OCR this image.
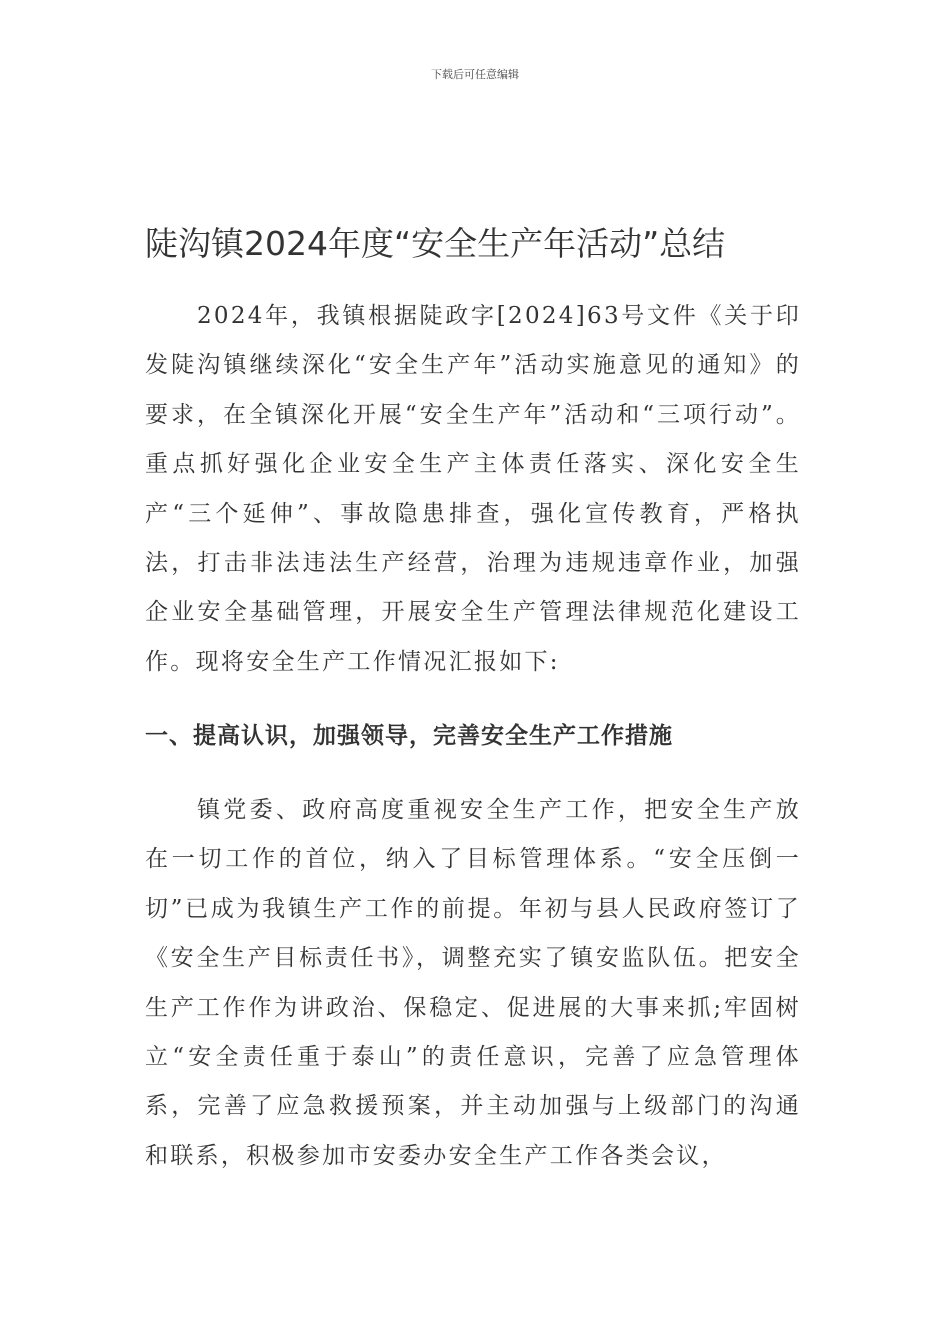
下载后可任意编辑
陡沟镇2024年度“安全生产年活动”总结

2024年，我镇根据陡政字[2024]63号文件《关于印发陡沟镇继续深化“安全生产年”活动实施意见的通知》的要求，在全镇深化开展“安全生产年”活动和“三项行动”。重点抓好强化企业安全生产主体责任落实、深化安全生产“三个延伸”、事故隐患排查，强化宣传教育，严格执法，打击非法违法生产经营，治理为违规违章作业，加强企业安全基础管理，开展安全生产管理法律规范化建设工作。现将安全生产工作情况汇报如下:

一、提高认识，加强领导，完善安全生产工作措施

镇党委、政府高度重视安全生产工作，把安全生产放在一切工作的首位，纳入了目标管理体系。“安全压倒一切”已成为我镇生产工作的前提。年初与县人民政府签订了《安全生产目标责任书》，调整充实了镇安监队伍。把安全生产工作作为讲政治、保稳定、促进展的大事来抓;牢固树立“安全责任重于泰山”的责任意识，完善了应急管理体系，完善了应急救援预案，并主动加强与上级部门的沟通和联系，积极参加市安委办安全生产工作各类会议，
